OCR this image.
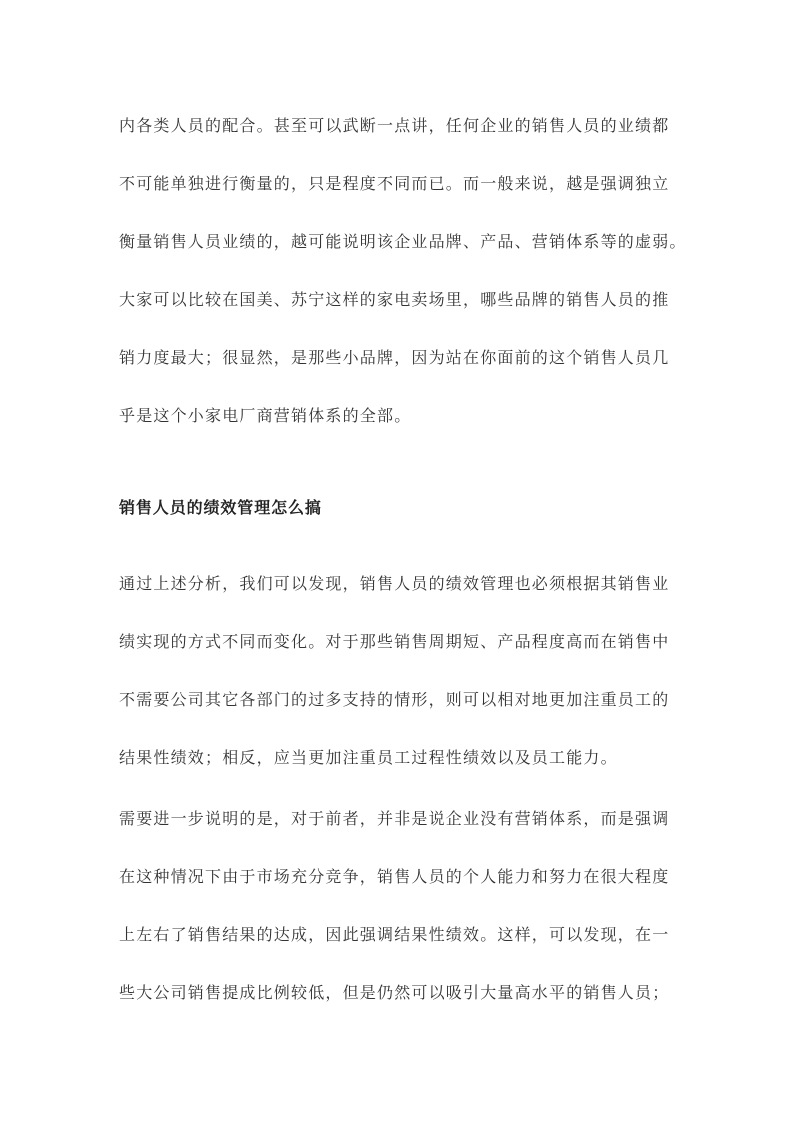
内各类人员的配合。甚至可以武断一点讲，任何企业的销售人员的业绩都
不可能单独进行衡量的，只是程度不同而已。而一般来说，越是强调独立
衡量销售人员业绩的，越可能说明该企业品牌、产品、营销体系等的虚弱。
大家可以比较在国美、苏宁这样的家电卖场里，哪些品牌的销售人员的推
销力度最大；很显然，是那些小品牌，因为站在你面前的这个销售人员几
乎是这个小家电厂商营销体系的全部。
销售人员的绩效管理怎么搞
通过上述分析，我们可以发现，销售人员的绩效管理也必须根据其销售业
绩实现的方式不同而变化。对于那些销售周期短、产品程度高而在销售中
不需要公司其它各部门的过多支持的情形，则可以相对地更加注重员工的
结果性绩效；相反，应当更加注重员工过程性绩效以及员工能力。
需要进一步说明的是，对于前者，并非是说企业没有营销体系，而是强调
在这种情况下由于市场充分竞争，销售人员的个人能力和努力在很大程度
上左右了销售结果的达成，因此强调结果性绩效。这样，可以发现，在一
些大公司销售提成比例较低，但是仍然可以吸引大量高水平的销售人员；
